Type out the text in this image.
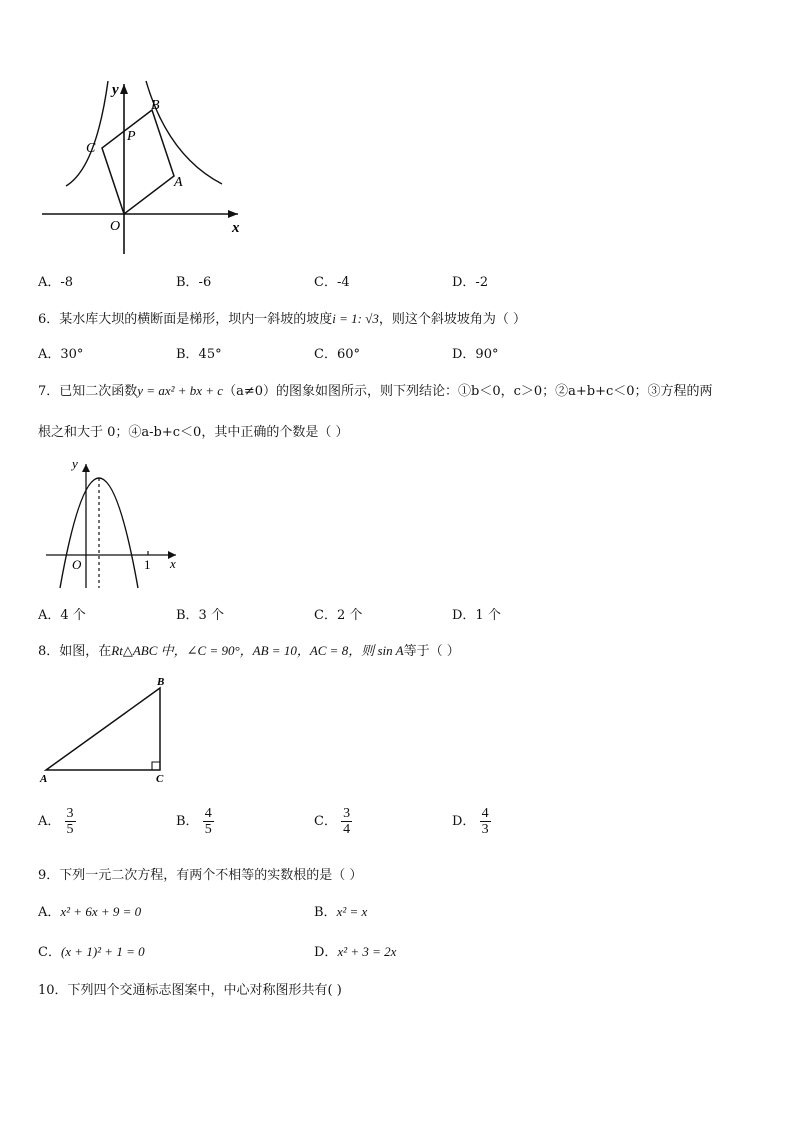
y
x
B
C
P
A
O
A．-8	B．-6	C．-4	D．-2
6．某水库大坝的横断面是梯形，坝内一斜坡的坡度i = 1: √3，则这个斜坡坡角为（ ）
A．30°	B．45°	C．60°	D．90°
7．已知二次函数y = ax² + bx + c（a≠0）的图象如图所示，则下列结论：①b＜0，c＞0；②a+b+c＜0；③方程的两
根之和大于 0；④a-b+c＜0，其中正确的个数是（ ）
y
x
O	1
A．4 个	B．3 个	C．2 个	D．1 个
8．如图，在Rt△ABC 中，∠C = 90°，AB = 10，AC = 8，则 sin A等于（ ）
B
A	C
A． $\frac{3}{5}$	B． $\frac{4}{5}$	C． $\frac{3}{4}$	D． $\frac{4}{3}$
9．下列一元二次方程，有两个不相等的实数根的是（ ）
A．x² + 6x + 9 = 0	B．x² = x
C．(x + 1)² + 1 = 0	D．x² + 3 = 2x
10．下列四个交通标志图案中，中心对称图形共有( )
